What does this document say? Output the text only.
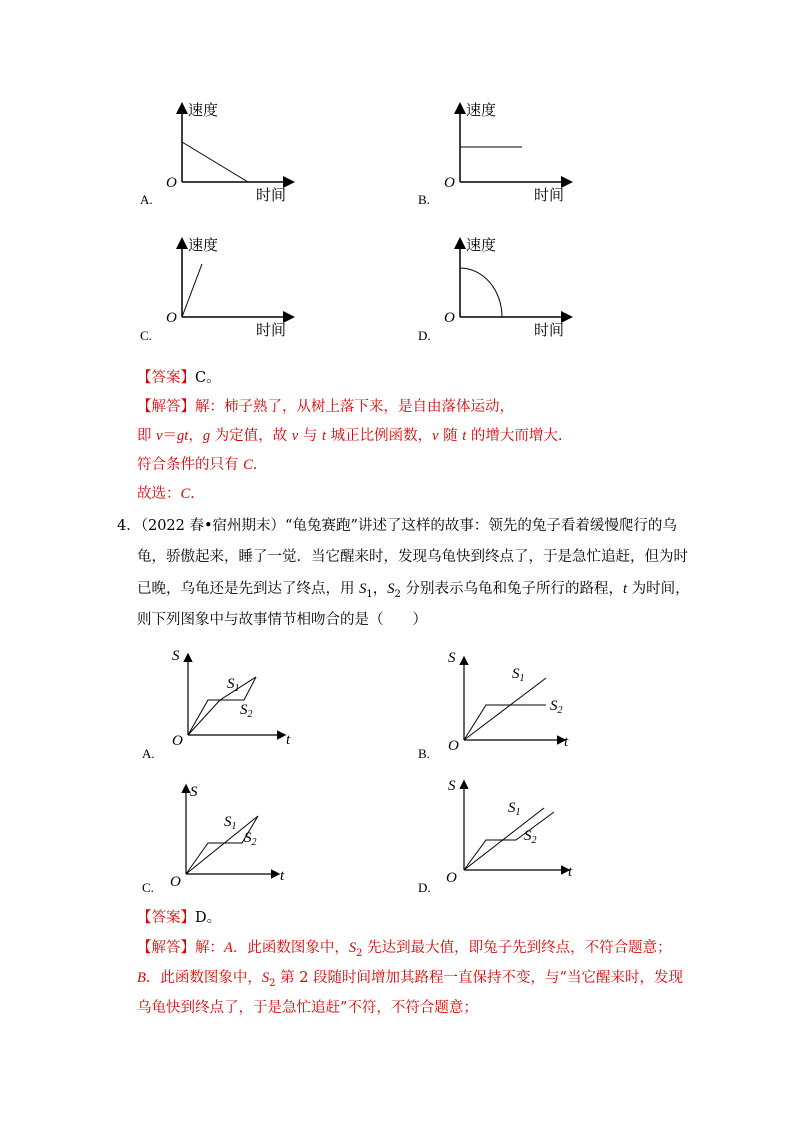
速度
时间
O
A.
速度
时间
O
B.
速度
时间
O
C.
速度
时间
O
D.
【答案】C。
【解答】解：柿子熟了，从树上落下来，是自由落体运动，
即 v＝gt，g 为定值，故 v 与 t 城正比例函数，v 随 t 的增大而增大.
符合条件的只有 C.
故选：C.
4．（2022 春•宿州期末）“龟兔赛跑”讲述了这样的故事：领先的兔子看着缓慢爬行的乌
龟，骄傲起来，睡了一觉．当它醒来时，发现乌龟快到终点了，于是急忙追赶，但为时
已晚，乌龟还是先到达了终点，用 $S_1$，$S_2$ 分别表示乌龟和兔子所行的路程，t 为时间，
则下列图象中与故事情节相吻合的是（　　）
S
t
O
$S_1$
$S_2$
A.
S
t
O
$S_1$
$S_2$
B.
S
t
O
$S_1$
$S_2$
C.
S
t
O
$S_1$
$S_2$
D.
【答案】D。
【解答】解：A．此函数图象中，$S_2$ 先达到最大值，即兔子先到终点，不符合题意；
B．此函数图象中，$S_2$ 第 2 段随时间增加其路程一直保持不变，与“当它醒来时，发现
乌龟快到终点了，于是急忙追赶”不符，不符合题意；
